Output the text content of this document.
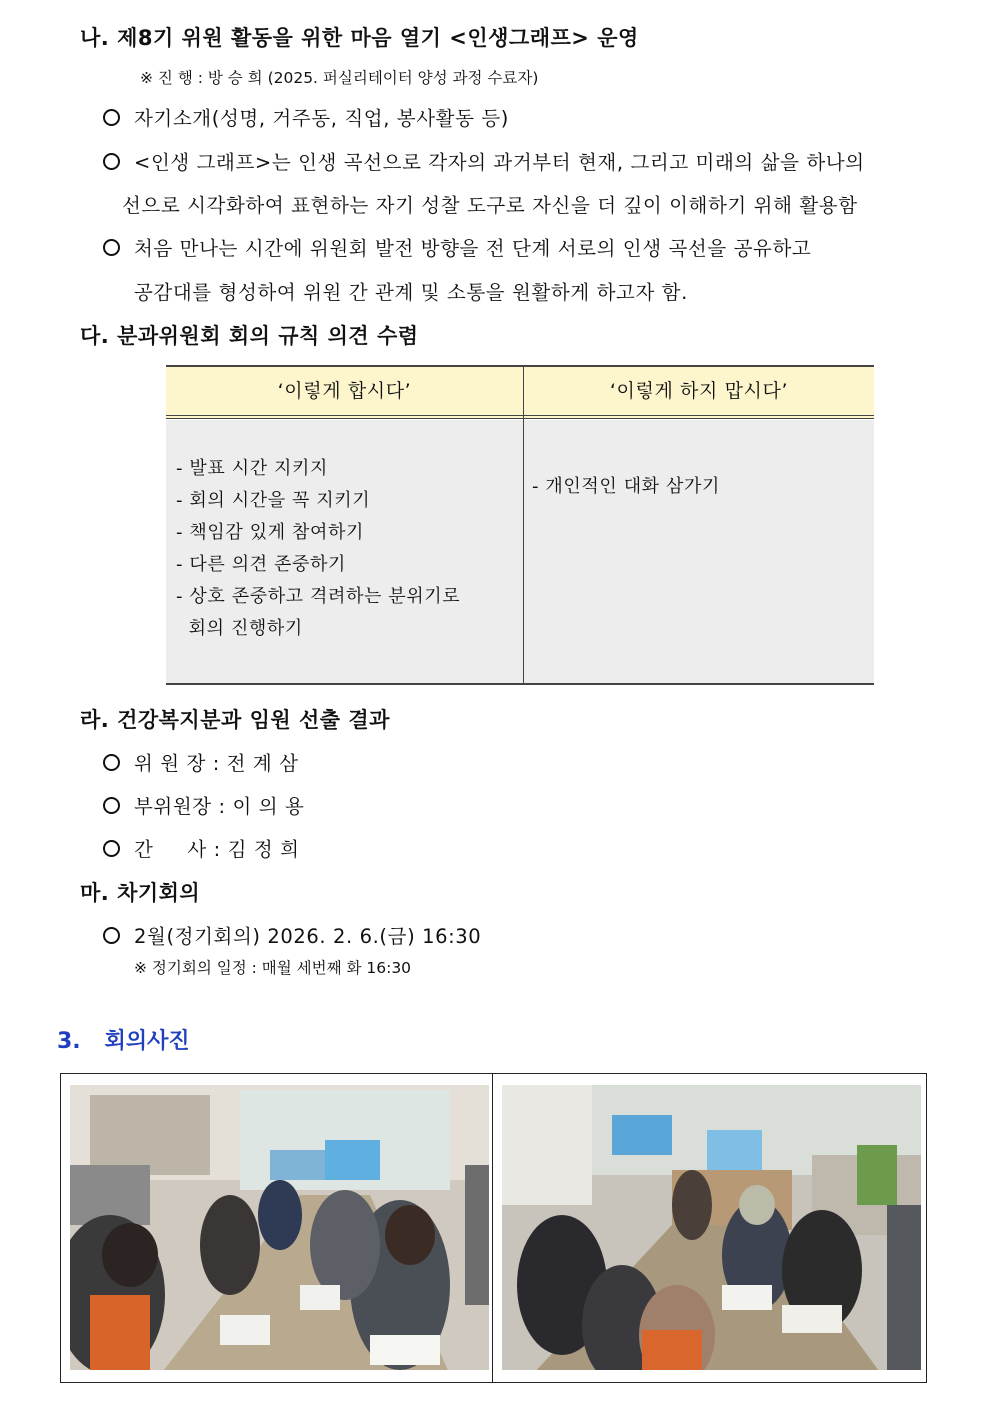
나. 제8기 위원 활동을 위한 마음 열기 <인생그래프> 운영
※ 진 행 : 방 승 희 (2025. 퍼실리테이터 양성 과정 수료자)
자기소개(성명, 거주동, 직업, 봉사활동 등)
<인생 그래프>는 인생 곡선으로 각자의 과거부터 현재, 그리고 미래의 삶을 하나의
선으로 시각화하여 표현하는 자기 성찰 도구로 자신을 더 깊이 이해하기 위해 활용함
처음 만나는 시간에 위원회 발전 방향을 전 단계 서로의 인생 곡선을 공유하고
공감대를 형성하여 위원 간 관계 및 소통을 원활하게 하고자 함.
다. 분과위원회 회의 규칙 의견 수렴
‘이렇게 합시다’	‘이렇게 하지 맙시다’
- 발표 시간 지키지
- 회의 시간을 꼭 지키기
- 책임감 있게 참여하기
- 다른 의견 존중하기
- 상호 존중하고 격려하는 분위기로
회의 진행하기
- 개인적인 대화 삼가기
라. 건강복지분과 임원 선출 결과
위 원 장 : 전 계 삼
부위원장 : 이 의 용
간     사 : 김 정 희
마. 차기회의
2월(정기회의) 2026. 2. 6.(금) 16:30
※ 정기회의 일정 : 매월 세번째 화 16:30
3. 회의사진
